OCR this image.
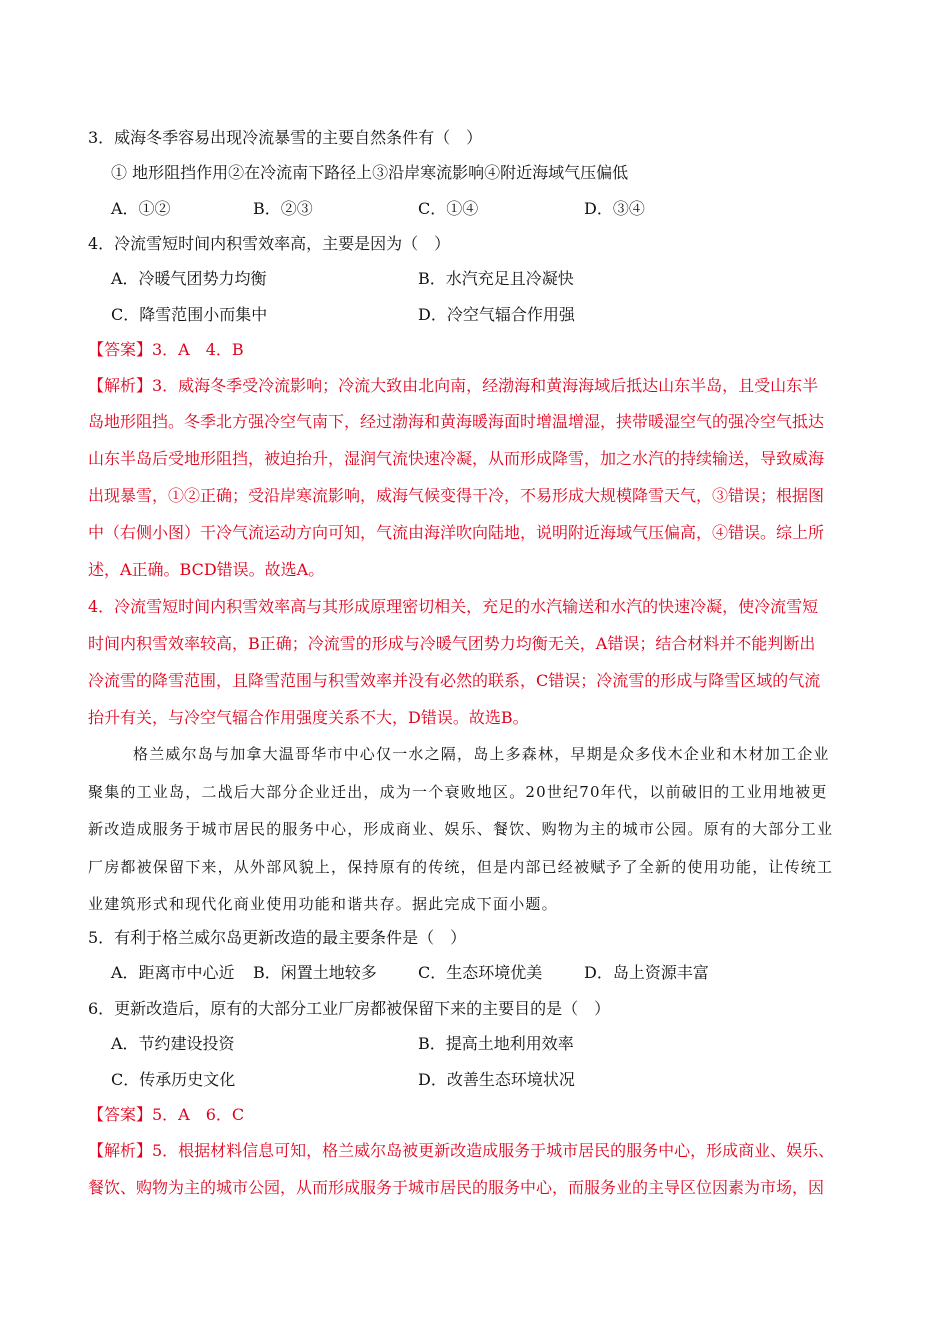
3．威海冬季容易出现冷流暴雪的主要自然条件有（　）
① 地形阻挡作用②在冷流南下路径上③沿岸寒流影响④附近海域气压偏低
A．①②	B．②③	C．①④	D．③④
4．冷流雪短时间内积雪效率高，主要是因为（　）
A．冷暖气团势力均衡	B．水汽充足且冷凝快
C．降雪范围小而集中	D．冷空气辐合作用强
【答案】3．A　4．B
【解析】3．威海冬季受冷流影响；冷流大致由北向南，经渤海和黄海海域后抵达山东半岛，且受山东半
岛地形阻挡。冬季北方强冷空气南下，经过渤海和黄海暖海面时增温增湿，挟带暖湿空气的强冷空气抵达
山东半岛后受地形阻挡，被迫抬升，湿润气流快速冷凝，从而形成降雪，加之水汽的持续输送，导致威海
出现暴雪，①②正确；受沿岸寒流影响，威海气候变得干冷，不易形成大规模降雪天气，③错误；根据图
中（右侧小图）干冷气流运动方向可知，气流由海洋吹向陆地，说明附近海域气压偏高，④错误。综上所
述，A正确。BCD错误。故选A。
4．冷流雪短时间内积雪效率高与其形成原理密切相关，充足的水汽输送和水汽的快速冷凝，使冷流雪短
时间内积雪效率较高，B正确；冷流雪的形成与冷暖气团势力均衡无关，A错误；结合材料并不能判断出
冷流雪的降雪范围，且降雪范围与积雪效率并没有必然的联系，C错误；冷流雪的形成与降雪区域的气流
抬升有关，与冷空气辐合作用强度关系不大，D错误。故选B。
格兰威尔岛与加拿大温哥华市中心仅一水之隔，岛上多森林，早期是众多伐木企业和木材加工企业
聚集的工业岛，二战后大部分企业迁出，成为一个衰败地区。20世纪70年代，以前破旧的工业用地被更
新改造成服务于城市居民的服务中心，形成商业、娱乐、餐饮、购物为主的城市公园。原有的大部分工业
厂房都被保留下来，从外部风貌上，保持原有的传统，但是内部已经被赋予了全新的使用功能，让传统工
业建筑形式和现代化商业使用功能和谐共存。据此完成下面小题。
5．有利于格兰威尔岛更新改造的最主要条件是（　）
A．距离市中心近 B．闲置土地较多	C．生态环境优美	D．岛上资源丰富
6．更新改造后，原有的大部分工业厂房都被保留下来的主要目的是（　）
A．节约建设投资	B．提高土地利用效率
C．传承历史文化	D．改善生态环境状况
【答案】5．A　6．C
【解析】5．根据材料信息可知，格兰威尔岛被更新改造成服务于城市居民的服务中心，形成商业、娱乐、
餐饮、购物为主的城市公园，从而形成服务于城市居民的服务中心，而服务业的主导区位因素为市场，因
